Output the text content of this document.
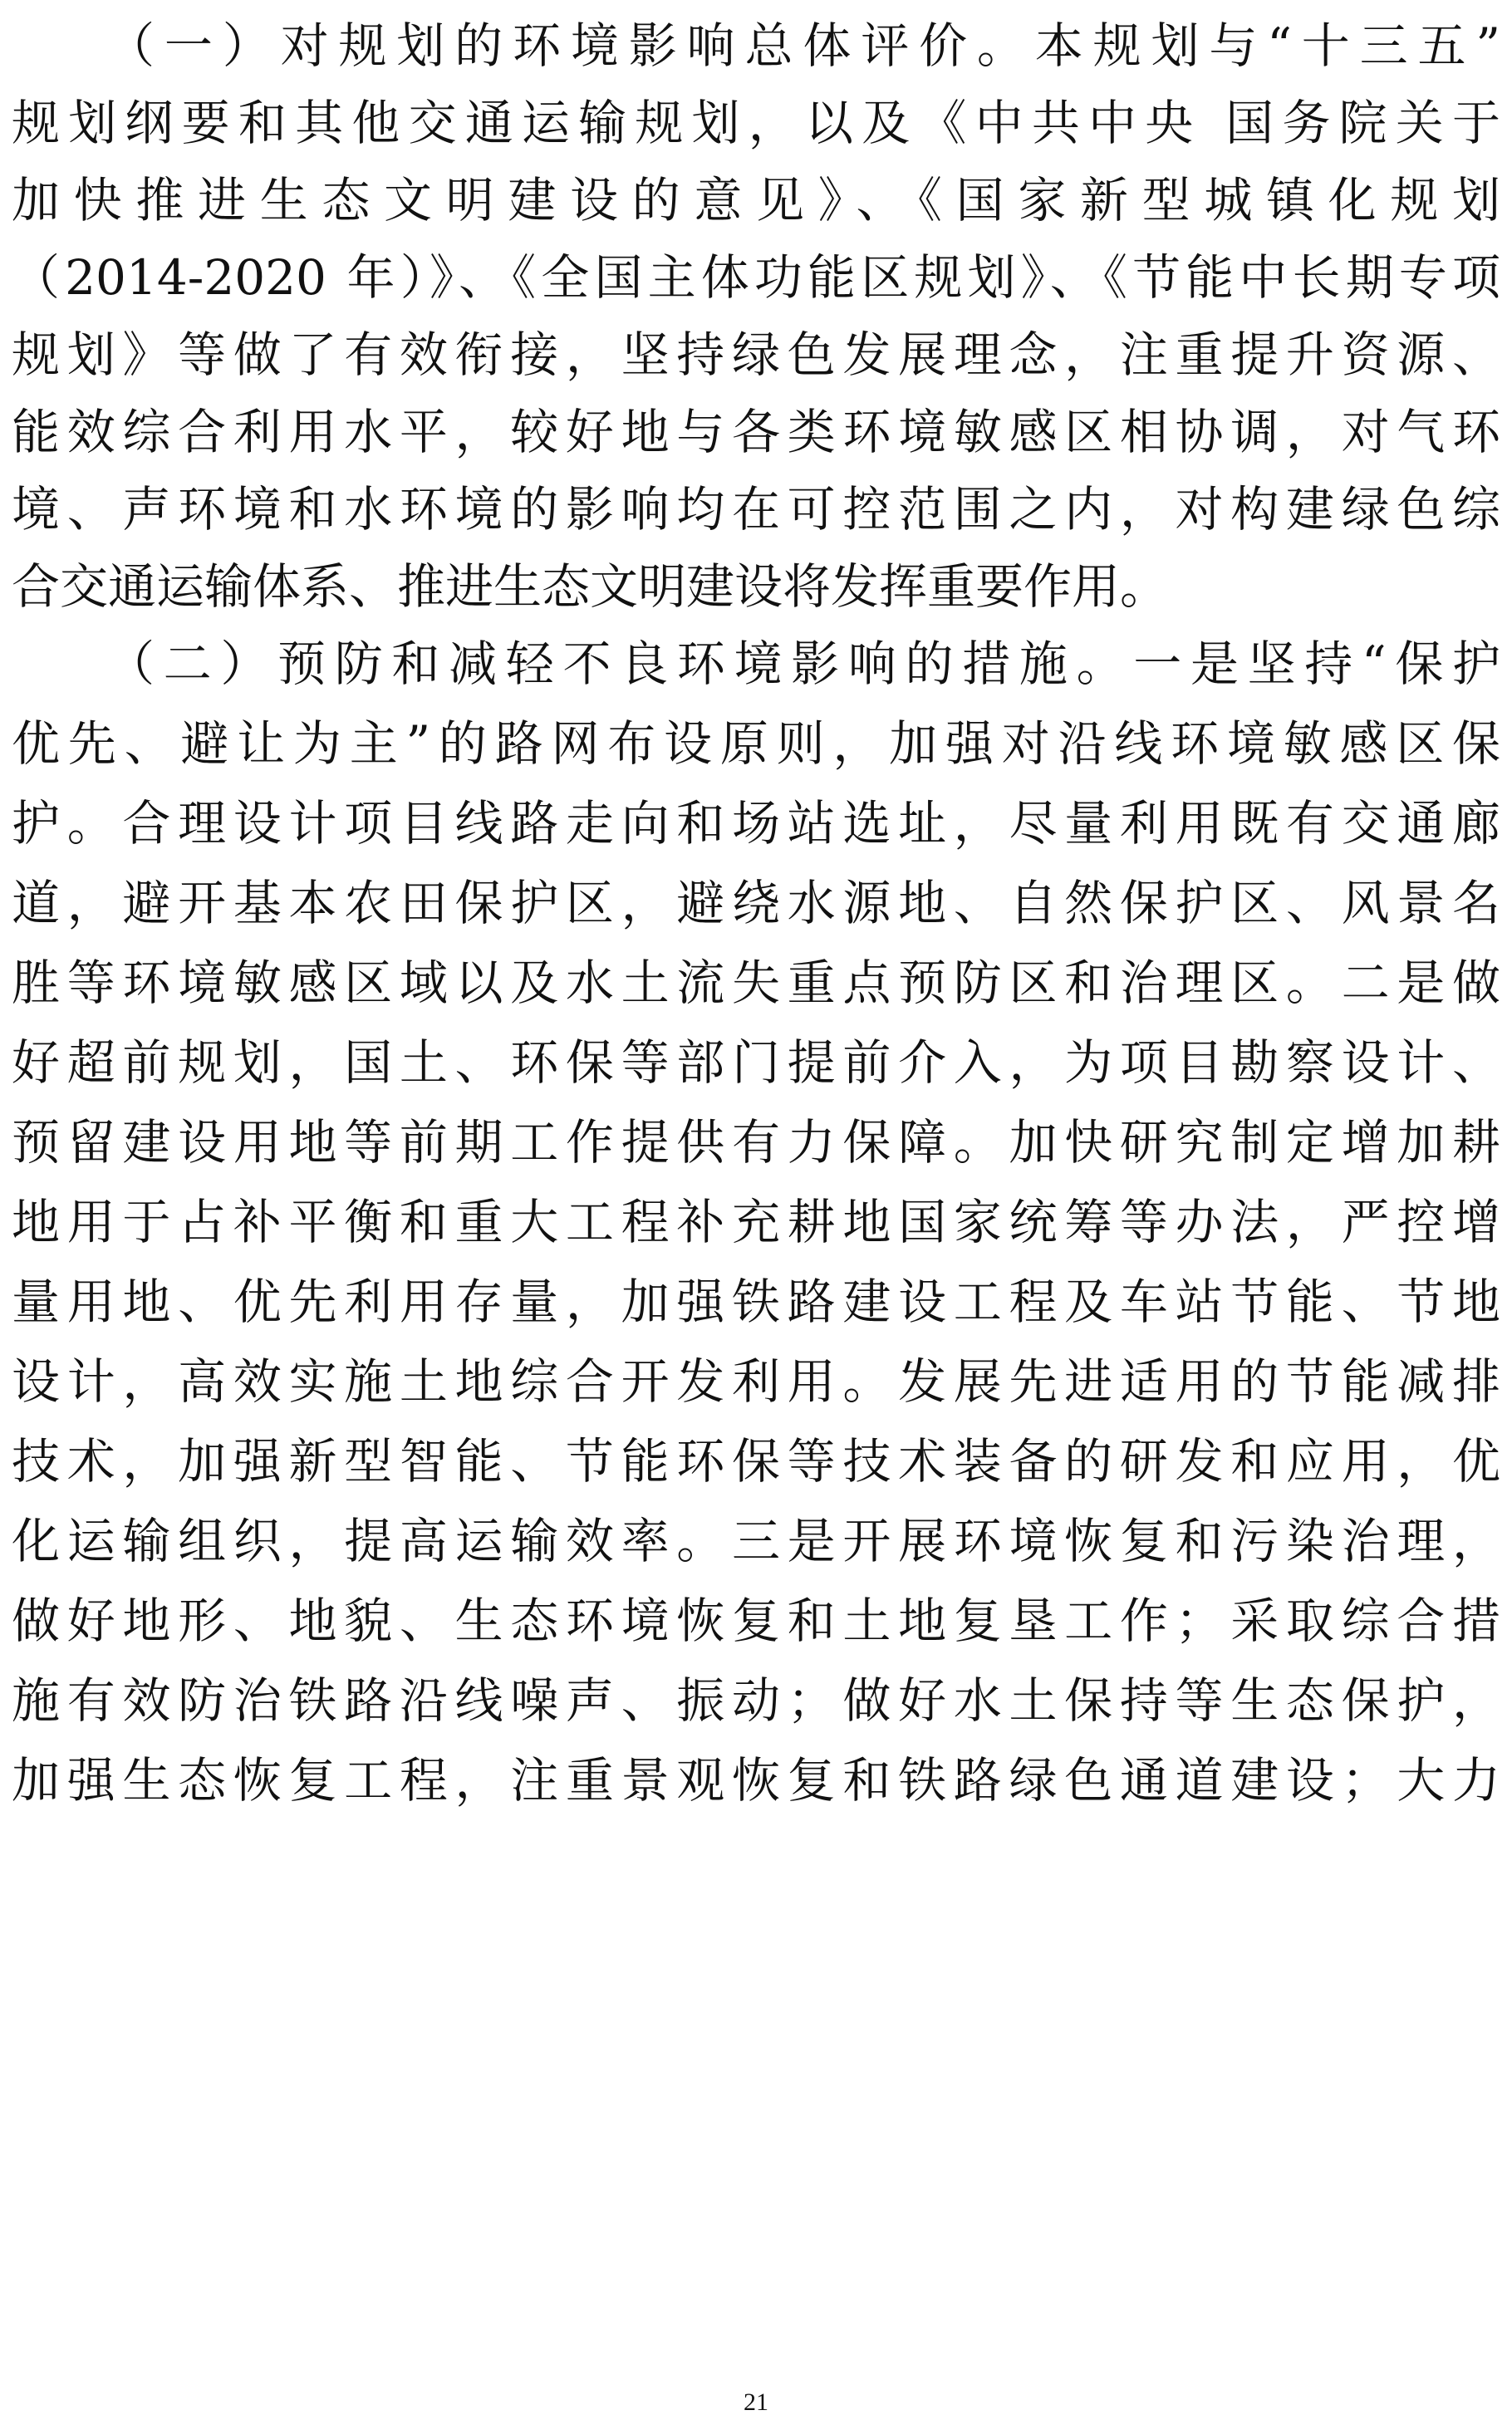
（一）对规划的环境影响总体评价。本规划与“十三五”
规划纲要和其他交通运输规划，以及《中共中央 国务院关于
加快推进生态文明建设的意见》、《国家新型城镇化规划
（2014-2020 年）》、《全国主体功能区规划》、《节能中长期专项
规划》等做了有效衔接，坚持绿色发展理念，注重提升资源、
能效综合利用水平，较好地与各类环境敏感区相协调，对气环
境、声环境和水环境的影响均在可控范围之内，对构建绿色综
合交通运输体系、推进生态文明建设将发挥重要作用。
（二）预防和减轻不良环境影响的措施。一是坚持“保护
优先、避让为主”的路网布设原则，加强对沿线环境敏感区保
护。合理设计项目线路走向和场站选址，尽量利用既有交通廊
道，避开基本农田保护区，避绕水源地、自然保护区、风景名
胜等环境敏感区域以及水土流失重点预防区和治理区。二是做
好超前规划，国土、环保等部门提前介入，为项目勘察设计、
预留建设用地等前期工作提供有力保障。加快研究制定增加耕
地用于占补平衡和重大工程补充耕地国家统筹等办法，严控增
量用地、优先利用存量，加强铁路建设工程及车站节能、节地
设计，高效实施土地综合开发利用。发展先进适用的节能减排
技术，加强新型智能、节能环保等技术装备的研发和应用，优
化运输组织，提高运输效率。三是开展环境恢复和污染治理，
做好地形、地貌、生态环境恢复和土地复垦工作；采取综合措
施有效防治铁路沿线噪声、振动；做好水土保持等生态保护，
加强生态恢复工程，注重景观恢复和铁路绿色通道建设；大力
21
